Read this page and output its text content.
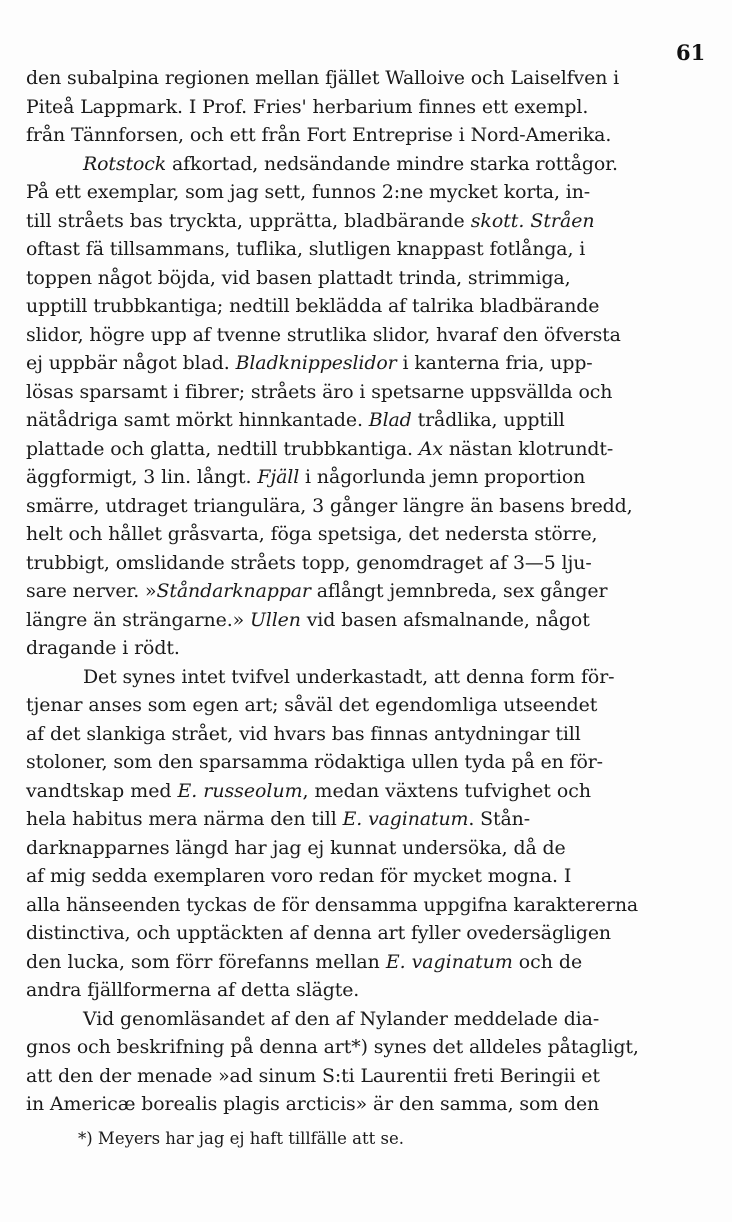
61
den subalpina regionen mellan fjället Walloive och Laiselfven i
Piteå Lappmark. I Prof. Fries' herbarium finnes ett exempl.
från Tännforsen, och ett från Fort Entreprise i Nord-Amerika.
Rotstock afkortad, nedsändande mindre starka rottågor.
På ett exemplar, som jag sett, funnos 2:ne mycket korta, in-
till stråets bas tryckta, upprätta, bladbärande skott. Stråen
oftast fä tillsammans, tuflika, slutligen knappast fotlånga, i
toppen något böjda, vid basen plattadt trinda, strimmiga,
upptill trubbkantiga; nedtill beklädda af talrika bladbärande
slidor, högre upp af tvenne strutlika slidor, hvaraf den öfversta
ej uppbär något blad. Bladknippeslidor i kanterna fria, upp-
lösas sparsamt i fibrer; stråets äro i spetsarne uppsvällda och
nätådriga samt mörkt hinnkantade. Blad trådlika, upptill
plattade och glatta, nedtill trubbkantiga. Ax nästan klotrundt-
äggformigt, 3 lin. långt. Fjäll i någorlunda jemn proportion
smärre, utdraget triangulära, 3 gånger längre än basens bredd,
helt och hållet gråsvarta, föga spetsiga, det nedersta större,
trubbigt, omslidande stråets topp, genomdraget af 3—5 lju-
sare nerver. »Ståndarknappar aflångt jemnbreda, sex gånger
längre än strängarne.» Ullen vid basen afsmalnande, något
dragande i rödt.
Det synes intet tvifvel underkastadt, att denna form för-
tjenar anses som egen art; såväl det egendomliga utseendet
af det slankiga strået, vid hvars bas finnas antydningar till
stoloner, som den sparsamma rödaktiga ullen tyda på en för-
vandtskap med E. russeolum, medan växtens tufvighet och
hela habitus mera närma den till E. vaginatum. Stån-
darknapparnes längd har jag ej kunnat undersöka, då de
af mig sedda exemplaren voro redan för mycket mogna. I
alla hänseenden tyckas de för densamma uppgifna karaktererna
distinctiva, och upptäckten af denna art fyller ovedersägligen
den lucka, som förr förefanns mellan E. vaginatum och de
andra fjällformerna af detta slägte.
Vid genomläsandet af den af Nylander meddelade dia-
gnos och beskrifning på denna art*) synes det alldeles påtagligt,
att den der menade »ad sinum S:ti Laurentii freti Beringii et
in Americæ borealis plagis arcticis» är den samma, som den
*) Meyers har jag ej haft tillfälle att se.
